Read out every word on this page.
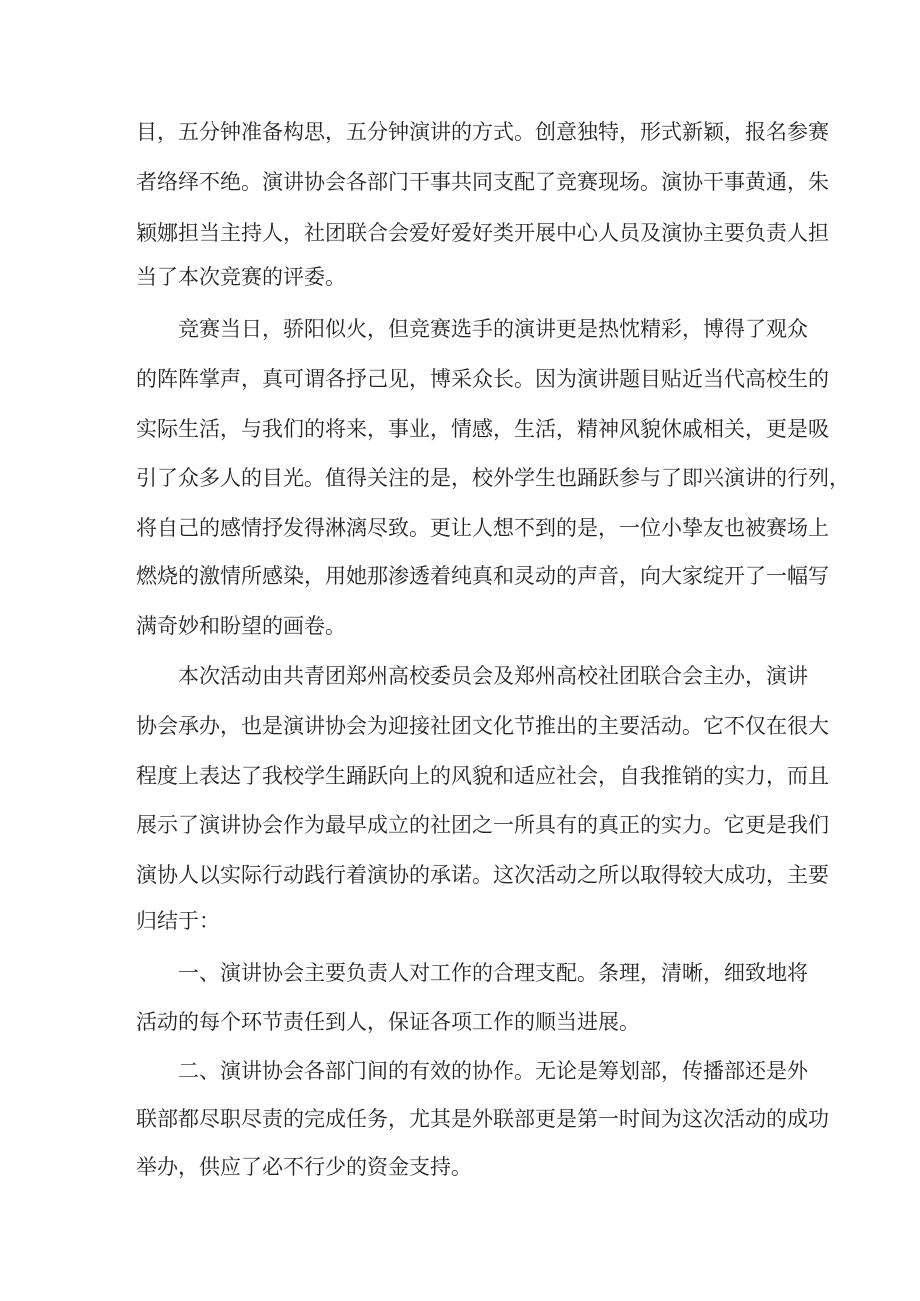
目，五分钟准备构思，五分钟演讲的方式。创意独特，形式新颖，报名参赛
者络绎不绝。演讲协会各部门干事共同支配了竞赛现场。演协干事黄通，朱
颖娜担当主持人，社团联合会爱好爱好类开展中心人员及演协主要负责人担
当了本次竞赛的评委。
竞赛当日，骄阳似火，但竞赛选手的演讲更是热忱精彩，博得了观众
的阵阵掌声，真可谓各抒己见，博采众长。因为演讲题目贴近当代高校生的
实际生活，与我们的将来，事业，情感，生活，精神风貌休戚相关，更是吸
引了众多人的目光。值得关注的是，校外学生也踊跃参与了即兴演讲的行列，
将自己的感情抒发得淋漓尽致。更让人想不到的是，一位小挚友也被赛场上
燃烧的激情所感染，用她那渗透着纯真和灵动的声音，向大家绽开了一幅写
满奇妙和盼望的画卷。
本次活动由共青团郑州高校委员会及郑州高校社团联合会主办，演讲
协会承办，也是演讲协会为迎接社团文化节推出的主要活动。它不仅在很大
程度上表达了我校学生踊跃向上的风貌和适应社会，自我推销的实力，而且
展示了演讲协会作为最早成立的社团之一所具有的真正的实力。它更是我们
演协人以实际行动践行着演协的承诺。这次活动之所以取得较大成功，主要
归结于：
一、演讲协会主要负责人对工作的合理支配。条理，清晰，细致地将
活动的每个环节责任到人，保证各项工作的顺当进展。
二、演讲协会各部门间的有效的协作。无论是筹划部，传播部还是外
联部都尽职尽责的完成任务，尤其是外联部更是第一时间为这次活动的成功
举办，供应了必不行少的资金支持。
